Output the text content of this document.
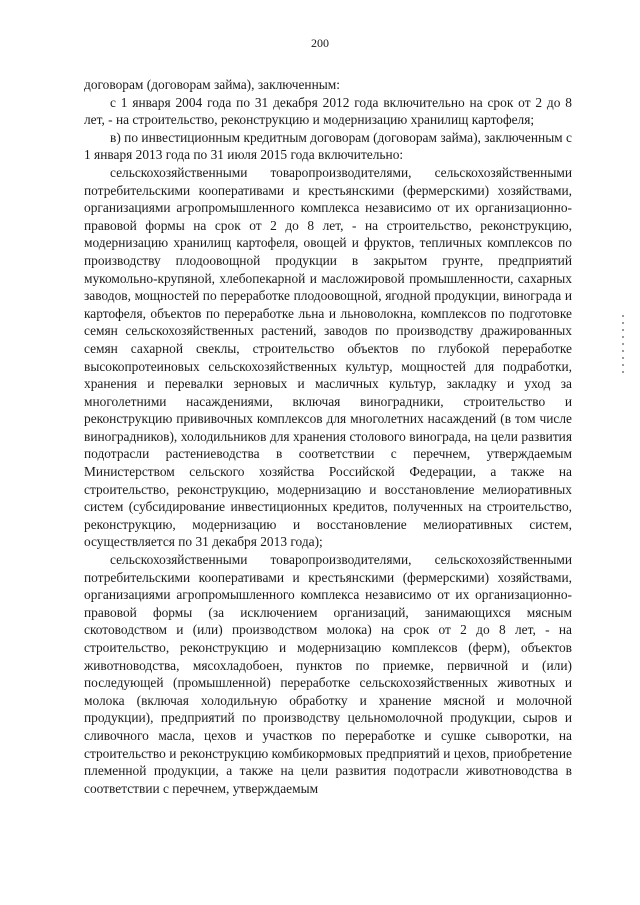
200

договорам (договорам займа), заключенным:

с 1 января 2004 года по 31 декабря 2012 года включительно на срок от 2 до 8 лет, - на строительство, реконструкцию и модернизацию хранилищ картофеля;

в) по инвестиционным кредитным договорам (договорам займа), заключенным с 1 января 2013 года по 31 июля 2015 года включительно:

сельскохозяйственными товаропроизводителями, сельскохозяйственными потребительскими кооперативами и крестьянскими (фермерскими) хозяйствами, организациями агропромышленного комплекса независимо от их организационно-правовой формы на срок от 2 до 8 лет, - на строительство, реконструкцию, модернизацию хранилищ картофеля, овощей и фруктов, тепличных комплексов по производству плодоовощной продукции в закрытом грунте, предприятий мукомольно-крупяной, хлебопекарной и масложировой промышленности, сахарных заводов, мощностей по переработке плодоовощной, ягодной продукции, винограда и картофеля, объектов по переработке льна и льноволокна, комплексов по подготовке семян сельскохозяйственных растений, заводов по производству дражированных семян сахарной свеклы, строительство объектов по глубокой переработке высокопротеиновых сельскохозяйственных культур, мощностей для подработки, хранения и перевалки зерновых и масличных культур, закладку и уход за многолетними насаждениями, включая виноградники, строительство и реконструкцию прививочных комплексов для многолетних насаждений (в том числе виноградников), холодильников для хранения столового винограда, на цели развития подотрасли растениеводства в соответствии с перечнем, утверждаемым Министерством сельского хозяйства Российской Федерации, а также на строительство, реконструкцию, модернизацию и восстановление мелиоративных систем (субсидирование инвестиционных кредитов, полученных на строительство, реконструкцию, модернизацию и восстановление мелиоративных систем, осуществляется по 31 декабря 2013 года);

сельскохозяйственными товаропроизводителями, сельскохозяйственными потребительскими кооперативами и крестьянскими (фермерскими) хозяйствами, организациями агропромышленного комплекса независимо от их организационно-правовой формы (за исключением организаций, занимающихся мясным скотоводством и (или) производством молока) на срок от 2 до 8 лет, - на строительство, реконструкцию и модернизацию комплексов (ферм), объектов животноводства, мясохладобоен, пунктов по приемке, первичной и (или) последующей (промышленной) переработке сельскохозяйственных животных и молока (включая холодильную обработку и хранение мясной и молочной продукции), предприятий по производству цельномолочной продукции, сыров и сливочного масла, цехов и участков по переработке и сушке сыворотки, на строительство и реконструкцию комбикормовых предприятий и цехов, приобретение племенной продукции, а также на цели развития подотрасли животноводства в соответствии с перечнем, утверждаемым
